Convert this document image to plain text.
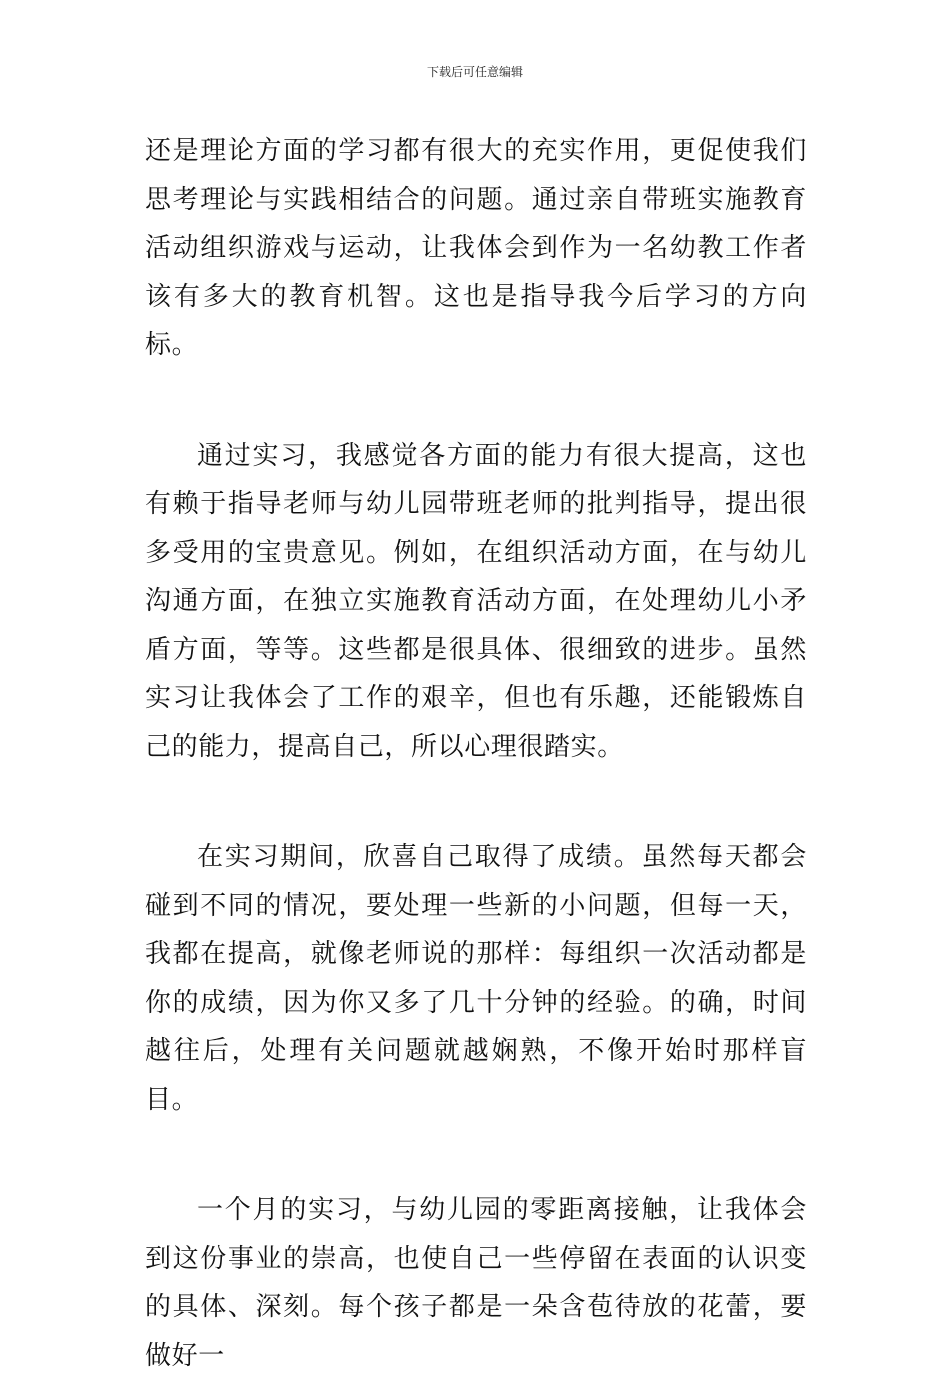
下载后可任意编辑

还是理论方面的学习都有很大的充实作用，更促使我们思考理论与实践相结合的问题。通过亲自带班实施教育活动组织游戏与运动，让我体会到作为一名幼教工作者该有多大的教育机智。这也是指导我今后学习的方向标。

通过实习，我感觉各方面的能力有很大提高，这也有赖于指导老师与幼儿园带班老师的批判指导，提出很多受用的宝贵意见。例如，在组织活动方面，在与幼儿沟通方面，在独立实施教育活动方面，在处理幼儿小矛盾方面，等等。这些都是很具体、很细致的进步。虽然实习让我体会了工作的艰辛，但也有乐趣，还能锻炼自己的能力，提高自己，所以心理很踏实。

在实习期间，欣喜自己取得了成绩。虽然每天都会碰到不同的情况，要处理一些新的小问题，但每一天，我都在提高，就像老师说的那样：每组织一次活动都是你的成绩，因为你又多了几十分钟的经验。的确，时间越往后，处理有关问题就越娴熟，不像开始时那样盲目。

一个月的实习，与幼儿园的零距离接触，让我体会到这份事业的崇高，也使自己一些停留在表面的认识变的具体、深刻。每个孩子都是一朵含苞待放的花蕾，要做好一
